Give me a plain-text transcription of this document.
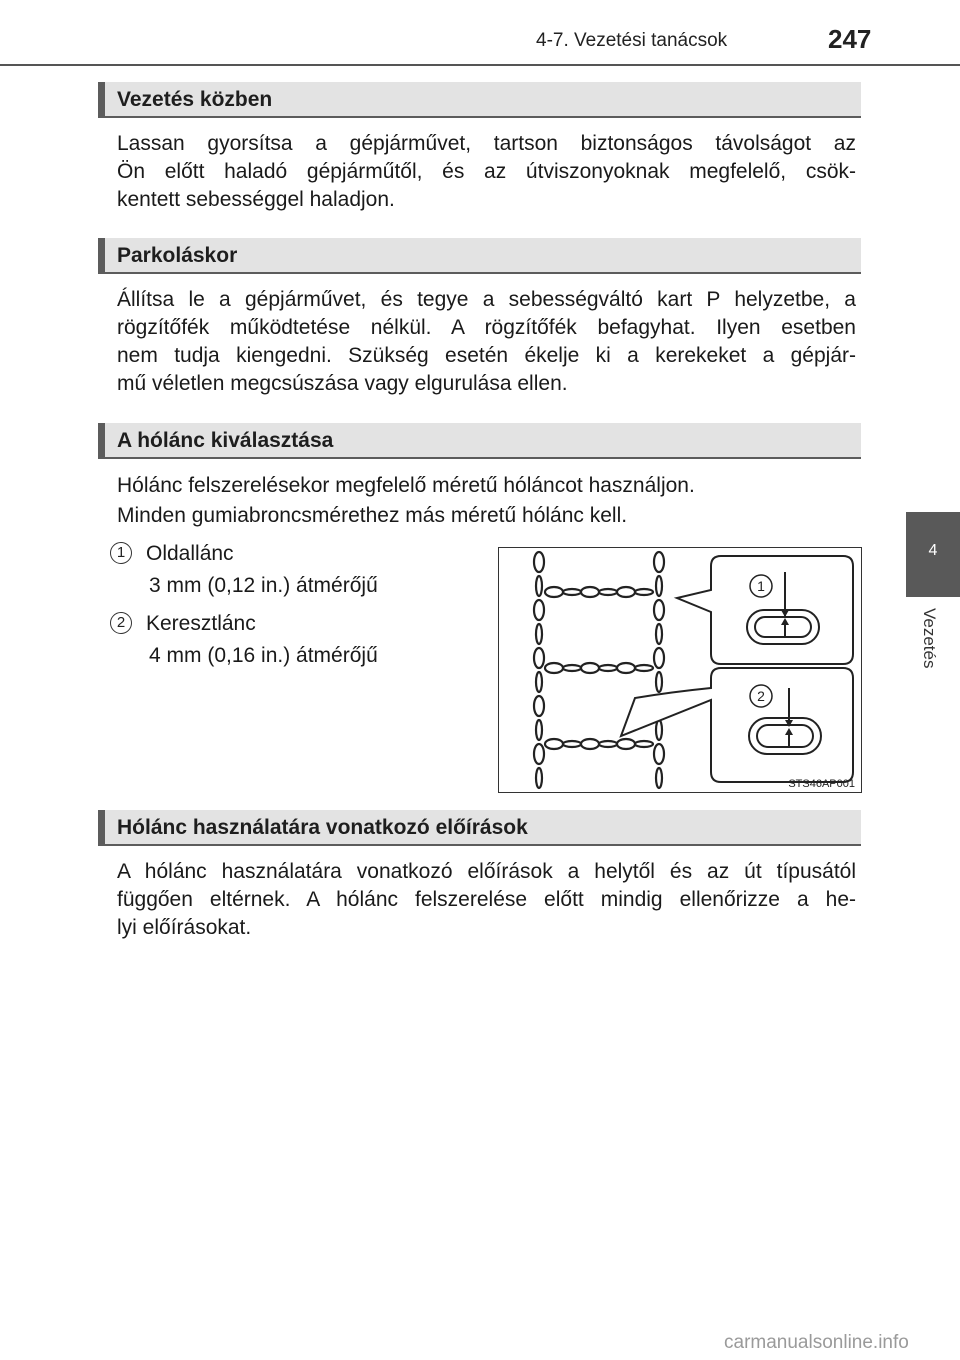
4-7. Vezetési tanácsok	247
4
Vezetés
Vezetés közben
Lassan gyorsítsa a gépjárművet, tartson biztonságos távolságot az
Ön előtt haladó gépjárműtől, és az útviszonyoknak megfelelő, csök-
kentett sebességgel haladjon.
Parkoláskor
Állítsa le a gépjárművet, és tegye a sebességváltó kart P helyzetbe, a
rögzítőfék működtetése nélkül. A rögzítőfék befagyhat. Ilyen esetben
nem tudja kiengedni. Szükség esetén ékelje ki a kerekeket a gépjár-
mű véletlen megcsúszása vagy elgurulása ellen.
A hólánc kiválasztása
Hólánc felszerelésekor megfelelő méretű hóláncot használjon.
Minden gumiabroncsmérethez más méretű hólánc kell.
1 Oldallánc
3 mm (0,12 in.) átmérőjű
2 Keresztlánc
4 mm (0,16 in.) átmérőjű
1
2
STS46AP001
Hólánc használatára vonatkozó előírások
A hólánc használatára vonatkozó előírások a helytől és az út típusától
függően eltérnek. A hólánc felszerelése előtt mindig ellenőrizze a he-
lyi előírásokat.
carmanualsonline.info
